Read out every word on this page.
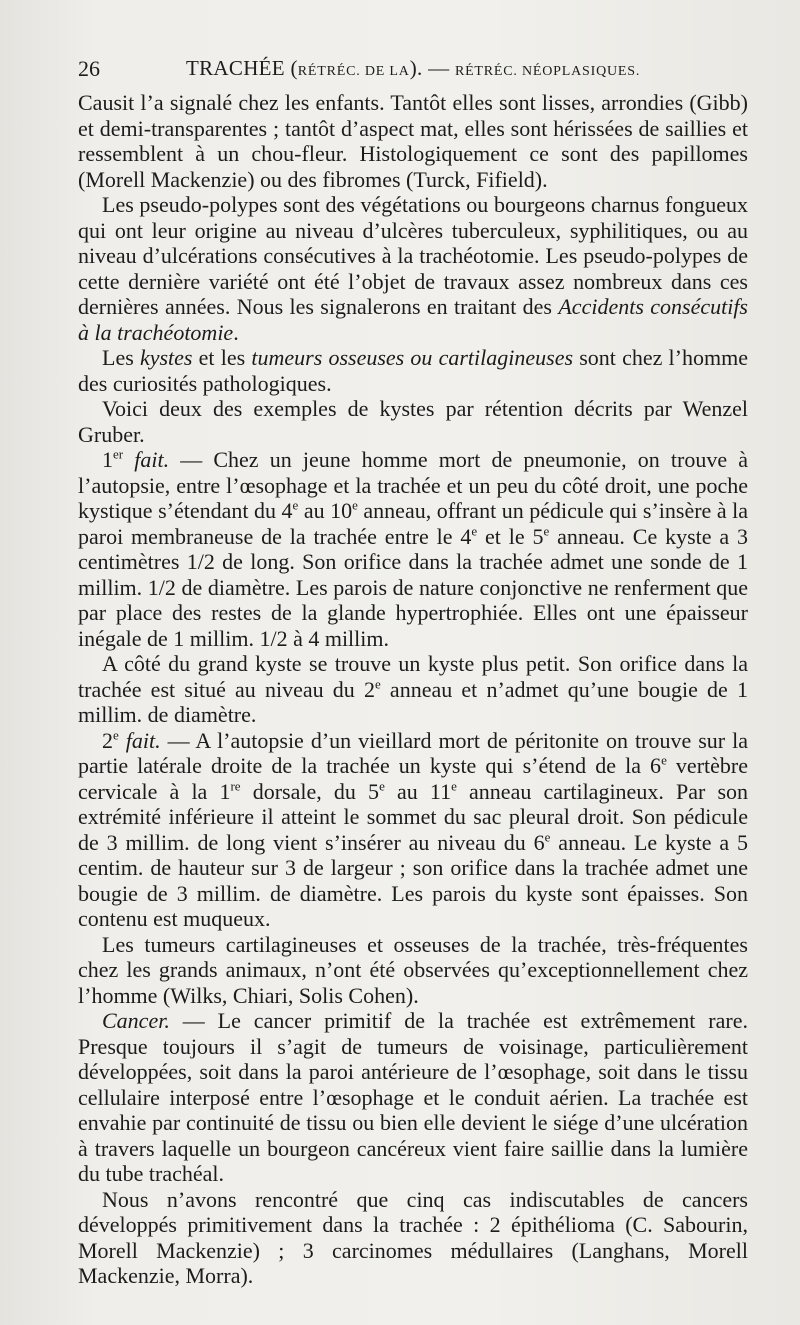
26	TRACHÉE (RÉTRÉC. DE LA). — RÉTRÉC. NÉOPLASIQUES.

Causit l’a signalé chez les enfants. Tantôt elles sont lisses, arrondies (Gibb) et demi-transparentes ; tantôt d’aspect mat, elles sont hérissées de saillies et ressemblent à un chou-fleur. Histologiquement ce sont des papillomes (Morell Mackenzie) ou des fibromes (Turck, Fifield).

Les pseudo-polypes sont des végétations ou bourgeons charnus fongueux qui ont leur origine au niveau d’ulcères tuberculeux, syphilitiques, ou au niveau d’ulcérations consécutives à la trachéotomie. Les pseudo-polypes de cette dernière variété ont été l’objet de travaux assez nombreux dans ces dernières années. Nous les signalerons en traitant des Accidents consécutifs à la trachéotomie.

Les kystes et les tumeurs osseuses ou cartilagineuses sont chez l’homme des curiosités pathologiques.

Voici deux des exemples de kystes par rétention décrits par Wenzel Gruber.

1er fait. — Chez un jeune homme mort de pneumonie, on trouve à l’autopsie, entre l’œsophage et la trachée et un peu du côté droit, une poche kystique s’étendant du 4e au 10e anneau, offrant un pédicule qui s’insère à la paroi membraneuse de la trachée entre le 4e et le 5e anneau. Ce kyste a 3 centimètres 1/2 de long. Son orifice dans la trachée admet une sonde de 1 millim. 1/2 de diamètre. Les parois de nature conjonctive ne renferment que par place des restes de la glande hypertrophiée. Elles ont une épaisseur inégale de 1 millim. 1/2 à 4 millim.

A côté du grand kyste se trouve un kyste plus petit. Son orifice dans la trachée est situé au niveau du 2e anneau et n’admet qu’une bougie de 1 millim. de diamètre.

2e fait. — A l’autopsie d’un vieillard mort de péritonite on trouve sur la partie latérale droite de la trachée un kyste qui s’étend de la 6e vertèbre cervicale à la 1re dorsale, du 5e au 11e anneau cartilagineux. Par son extrémité inférieure il atteint le sommet du sac pleural droit. Son pédicule de 3 millim. de long vient s’insérer au niveau du 6e anneau. Le kyste a 5 centim. de hauteur sur 3 de largeur ; son orifice dans la trachée admet une bougie de 3 millim. de diamètre. Les parois du kyste sont épaisses. Son contenu est muqueux.

Les tumeurs cartilagineuses et osseuses de la trachée, très-fréquentes chez les grands animaux, n’ont été observées qu’exceptionnellement chez l’homme (Wilks, Chiari, Solis Cohen).

Cancer. — Le cancer primitif de la trachée est extrêmement rare. Presque toujours il s’agit de tumeurs de voisinage, particulièrement développées, soit dans la paroi antérieure de l’œsophage, soit dans le tissu cellulaire interposé entre l’œsophage et le conduit aérien. La trachée est envahie par continuité de tissu ou bien elle devient le siége d’une ulcération à travers laquelle un bourgeon cancéreux vient faire saillie dans la lumière du tube trachéal.

Nous n’avons rencontré que cinq cas indiscutables de cancers développés primitivement dans la trachée : 2 épithélioma (C. Sabourin, Morell Mackenzie) ; 3 carcinomes médullaires (Langhans, Morell Mackenzie, Morra).
